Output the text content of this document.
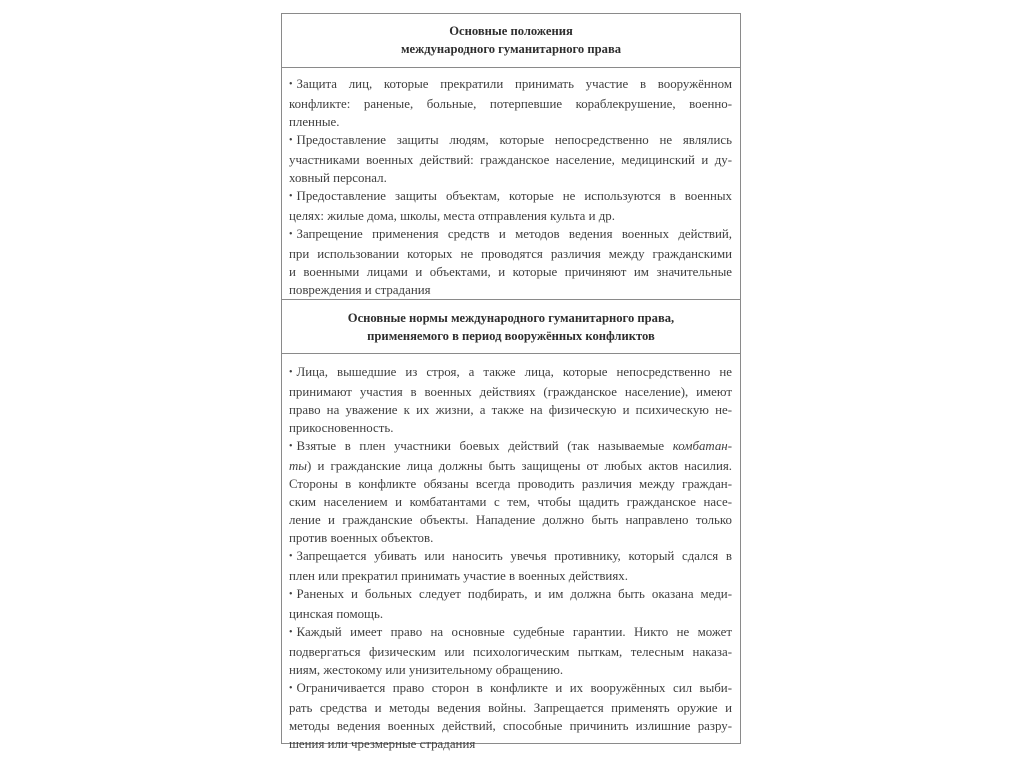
Основные положения
международного гуманитарного права
• Защита лиц, которые прекратили принимать участие в вооружённом
конфликте: раненые, больные, потерпевшие кораблекрушение, военно-
пленные.
• Предоставление защиты людям, которые непосредственно не являлись
участниками военных действий: гражданское население, медицинский и ду-
ховный персонал.
• Предоставление защиты объектам, которые не используются в военных
целях: жилые дома, школы, места отправления культа и др.
• Запрещение применения средств и методов ведения военных действий,
при использовании которых не проводятся различия между гражданскими
и военными лицами и объектами, и которые причиняют им значительные
повреждения и страдания
Основные нормы международного гуманитарного права,
применяемого в период вооружённых конфликтов
• Лица, вышедшие из строя, а также лица, которые непосредственно не
принимают участия в военных действиях (гражданское население), имеют
право на уважение к их жизни, а также на физическую и психическую не-
прикосновенность.
• Взятые в плен участники боевых действий (так называемые комбатан-
ты) и гражданские лица должны быть защищены от любых актов насилия.
Стороны в конфликте обязаны всегда проводить различия между граждан-
ским населением и комбатантами с тем, чтобы щадить гражданское насе-
ление и гражданские объекты. Нападение должно быть направлено только
против военных объектов.
• Запрещается убивать или наносить увечья противнику, который сдался в
плен или прекратил принимать участие в военных действиях.
• Раненых и больных следует подбирать, и им должна быть оказана меди-
цинская помощь.
• Каждый имеет право на основные судебные гарантии. Никто не может
подвергаться физическим или психологическим пыткам, телесным наказа-
ниям, жестокому или унизительному обращению.
• Ограничивается право сторон в конфликте и их вооружённых сил выби-
рать средства и методы ведения войны. Запрещается применять оружие и
методы ведения военных действий, способные причинить излишние разру-
шения или чрезмерные страдания
